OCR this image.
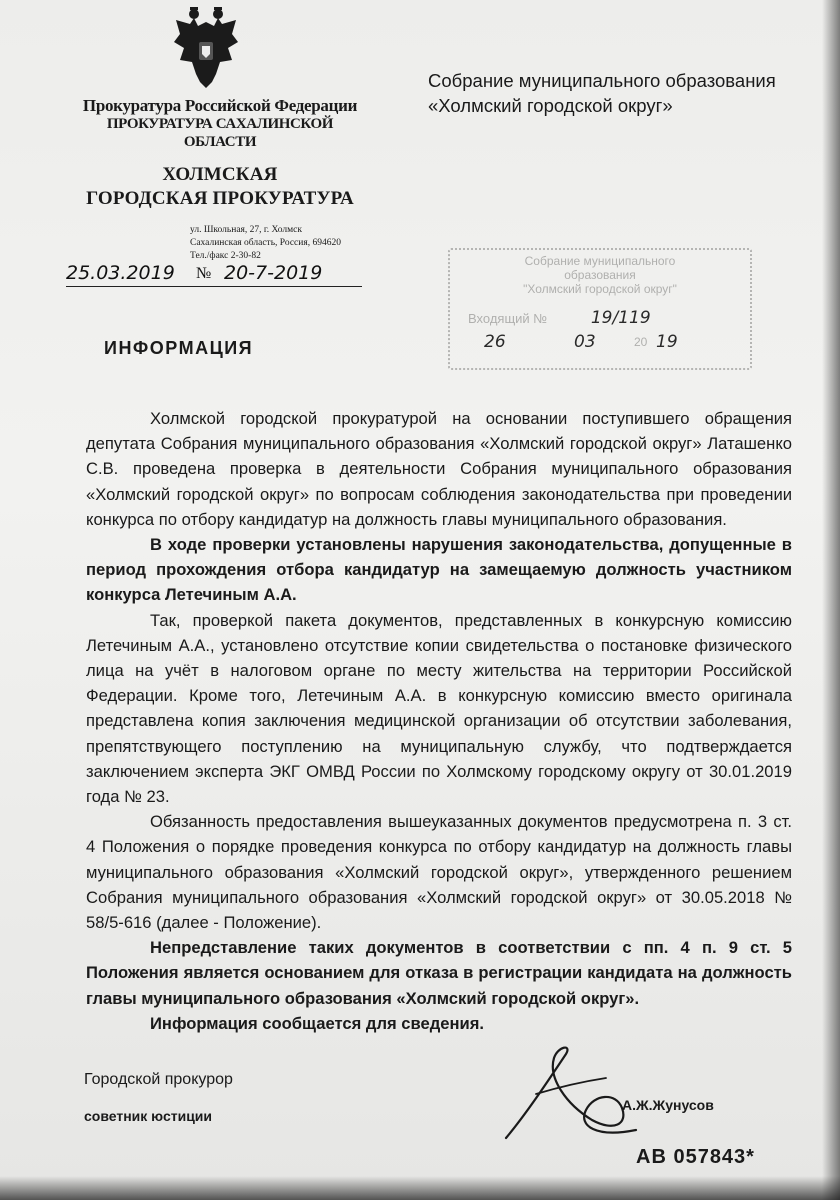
Прокуратура Российской Федерации
ПРОКУРАТУРА САХАЛИНСКОЙ ОБЛАСТИ
ХОЛМСКАЯ
ГОРОДСКАЯ ПРОКУРАТУРА
ул. Школьная, 27, г. Холмск
Сахалинская область, Россия, 694620
Тел./факс 2-30-82
25.03.2019 № 20-7-2019
Собрание муниципального образования
«Холмский городской округ»
Собрание муниципального
образования
"Холмский городской округ"
Входящий №	19/119
26	03	20 19
ИНФОРМАЦИЯ

Холмской городской прокуратурой на основании поступившего обращения депутата Собрания муниципального образования «Холмский городской округ» Латашенко С.В. проведена проверка в деятельности Собрания муниципального образования «Холмский городской округ» по вопросам соблюдения законодательства при проведении конкурса по отбору кандидатур на должность главы муниципального образования.

В ходе проверки установлены нарушения законодательства, допущенные в период прохождения отбора кандидатур на замещаемую должность участником конкурса Летечиным А.А.

Так, проверкой пакета документов, представленных в конкурсную комиссию Летечиным А.А., установлено отсутствие копии свидетельства о постановке физического лица на учёт в налоговом органе по месту жительства на территории Российской Федерации. Кроме того, Летечиным А.А. в конкурсную комиссию вместо оригинала представлена копия заключения медицинской организации об отсутствии заболевания, препятствующего поступлению на муниципальную службу, что подтверждается заключением эксперта ЭКГ ОМВД России по Холмскому городскому округу от 30.01.2019 года № 23.

Обязанность предоставления вышеуказанных документов предусмотрена п. 3 ст. 4 Положения о порядке проведения конкурса по отбору кандидатур на должность главы муниципального образования «Холмский городской округ», утвержденного решением Собрания муниципального образования «Холмский городской округ» от 30.05.2018 № 58/5-616 (далее - Положение).

Непредставление таких документов в соответствии с пп. 4 п. 9 ст. 5 Положения является основанием для отказа в регистрации кандидата на должность главы муниципального образования «Холмский городской округ».

Информация сообщается для сведения.

Городской прокурор
советник юстиции
А.Ж.Жунусов
АВ 057843*
